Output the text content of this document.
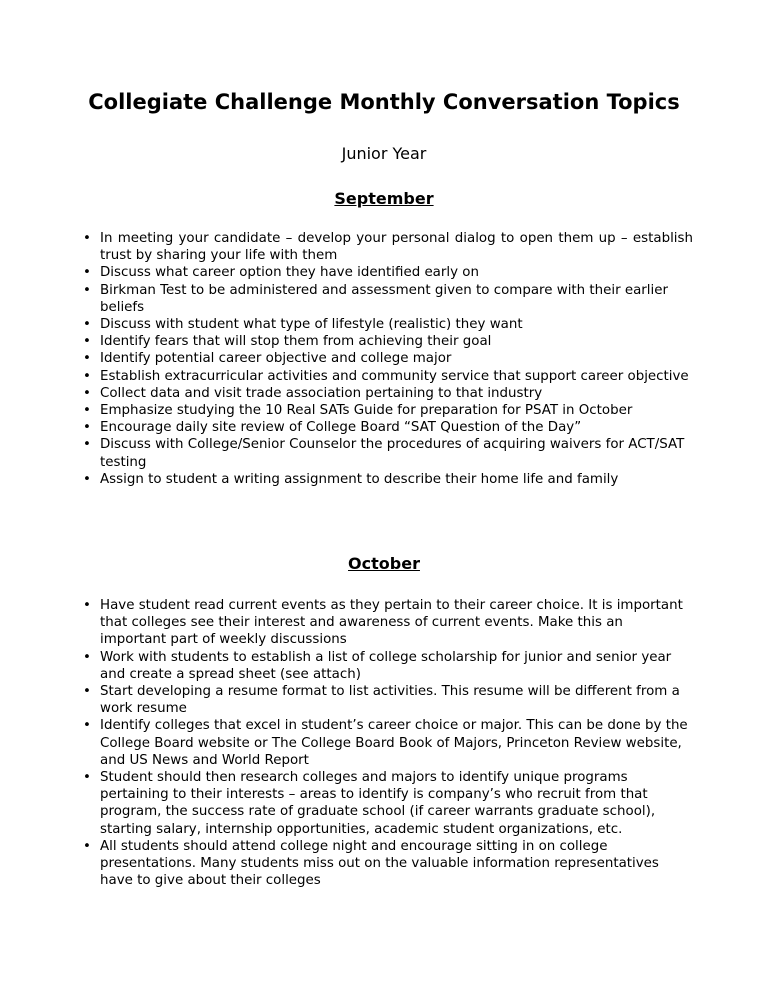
Collegiate Challenge Monthly Conversation Topics

Junior Year

September
• In meeting your candidate – develop your personal dialog to open them up – establish trust by sharing your life with them
• Discuss what career option they have identified early on
• Birkman Test to be administered and assessment given to compare with their earlier beliefs
• Discuss with student what type of lifestyle (realistic) they want
• Identify fears that will stop them from achieving their goal
• Identify potential career objective and college major
• Establish extracurricular activities and community service that support career objective
• Collect data and visit trade association pertaining to that industry
• Emphasize studying the 10 Real SATs Guide for preparation for PSAT in October
• Encourage daily site review of College Board “SAT Question of the Day”
• Discuss with College/Senior Counselor the procedures of acquiring waivers for ACT/SAT testing
• Assign to student a writing assignment to describe their home life and family
October
• Have student read current events as they pertain to their career choice. It is important that colleges see their interest and awareness of current events. Make this an important part of weekly discussions
• Work with students to establish a list of college scholarship for junior and senior year and create a spread sheet (see attach)
• Start developing a resume format to list activities. This resume will be different from a work resume
• Identify colleges that excel in student’s career choice or major. This can be done by the College Board website or The College Board Book of Majors, Princeton Review website, and US News and World Report
• Student should then research colleges and majors to identify unique programs pertaining to their interests – areas to identify is company’s who recruit from that program, the success rate of graduate school (if career warrants graduate school), starting salary, internship opportunities, academic student organizations, etc.
• All students should attend college night and encourage sitting in on college presentations. Many students miss out on the valuable information representatives have to give about their colleges
